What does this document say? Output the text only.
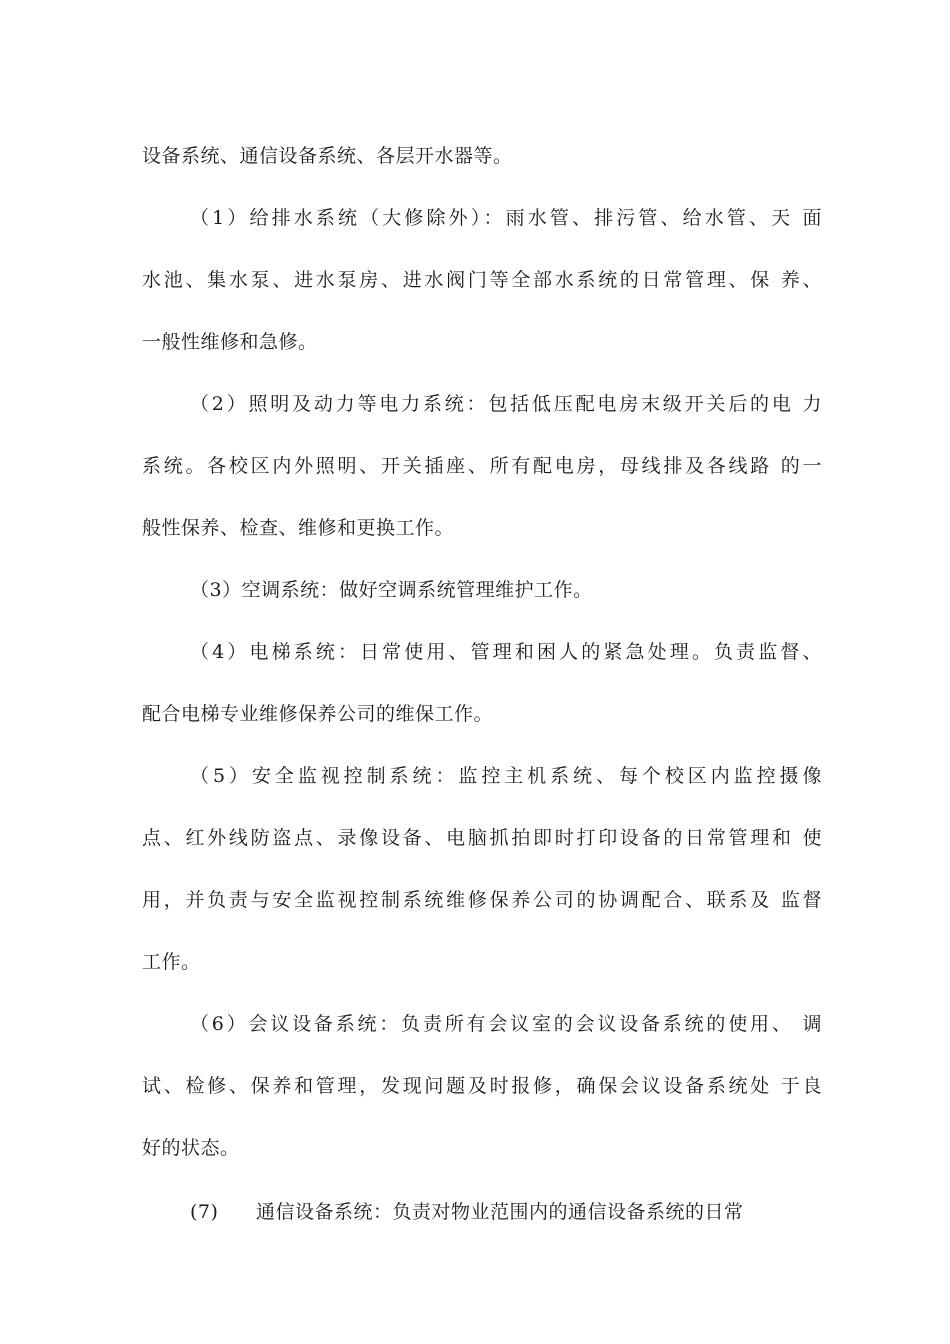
设备系统、通信设备系统、各层开水器等。
（1）给排水系统（大修除外）：雨水管、排污管、给水管、天 面
水池、集水泵、进水泵房、进水阀门等全部水系统的日常管理、保 养、
一般性维修和急修。
（2）照明及动力等电力系统：包括低压配电房末级开关后的电 力
系统。各校区内外照明、开关插座、所有配电房，母线排及各线路 的一
般性保养、检查、维修和更换工作。
（3）空调系统：做好空调系统管理维护工作。
（4）电梯系统：日常使用、管理和困人的紧急处理。负责监督、
配合电梯专业维修保养公司的维保工作。
（5）安全监视控制系统：监控主机系统、每个校区内监控摄像
点、红外线防盗点、录像设备、电脑抓拍即时打印设备的日常管理和 使
用，并负责与安全监视控制系统维修保养公司的协调配合、联系及 监督
工作。
（6）会议设备系统：负责所有会议室的会议设备系统的使用、 调
试、检修、保养和管理，发现问题及时报修，确保会议设备系统处 于良
好的状态。
(7) 通信设备系统：负责对物业范围内的通信设备系统的日常
